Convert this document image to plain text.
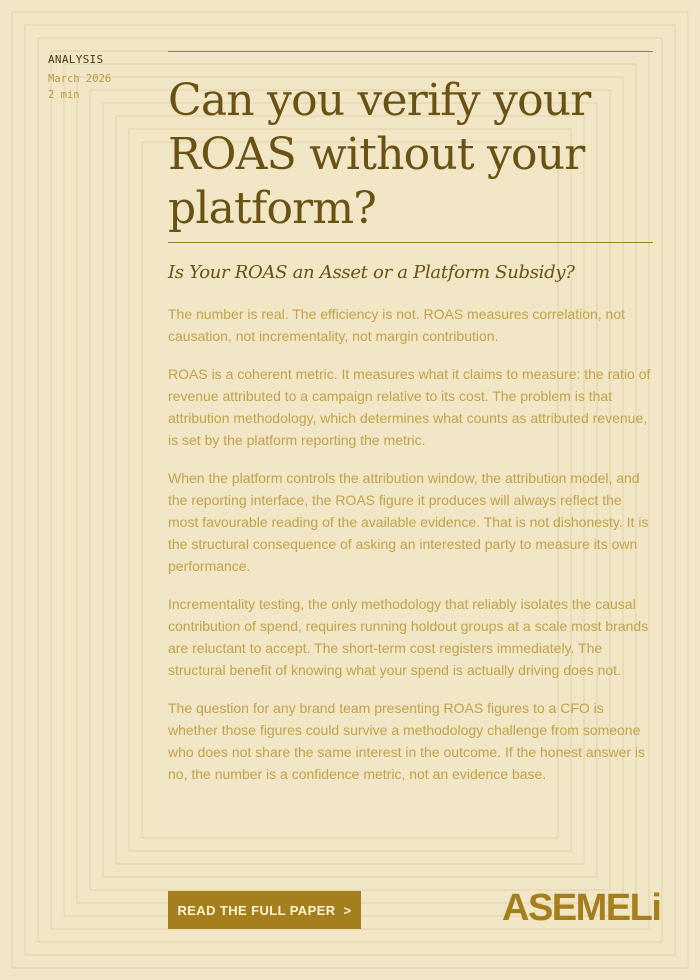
ANALYSIS
March 2026
2 min	Can you verify your ROAS without your platform?
Is Your ROAS an Asset or a Platform Subsidy?

The number is real. The efficiency is not. ROAS measures correlation, not causation, not incrementality, not margin contribution.

ROAS is a coherent metric. It measures what it claims to measure: the ratio of revenue attributed to a campaign relative to its cost. The problem is that attribution methodology, which determines what counts as attributed revenue, is set by the platform reporting the metric.

When the platform controls the attribution window, the attribution model, and the reporting interface, the ROAS figure it produces will always reflect the most favourable reading of the available evidence. That is not dishonesty. It is the structural consequence of asking an interested party to measure its own performance.

Incrementality testing, the only methodology that reliably isolates the causal contribution of spend, requires running holdout groups at a scale most brands are reluctant to accept. The short-term cost registers immediately. The structural benefit of knowing what your spend is actually driving does not.

The question for any brand team presenting ROAS figures to a CFO is whether those figures could survive a methodology challenge from someone who does not share the same interest in the outcome. If the honest answer is no, the number is a confidence metric, not an evidence base.

READ THE FULL PAPER >	ASEMELi
